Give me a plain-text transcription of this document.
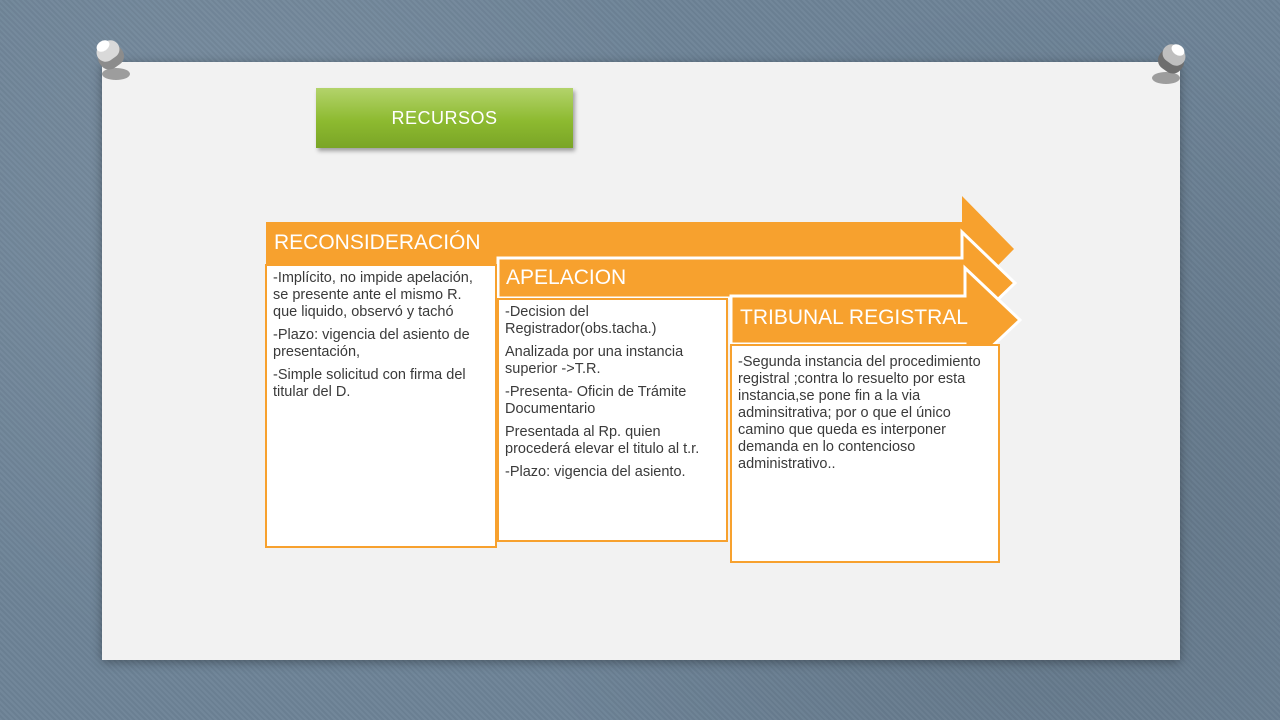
RECURSOS
RECONSIDERACIÓN
APELACION
TRIBUNAL REGISTRAL

-Implícito, no impide apelación, se presente ante el mismo R. que liquido, observó y tachó

-Plazo: vigencia del asiento de presentación,

-Simple solicitud con firma del titular del D.

-Decision del Registrador(obs.tacha.)

Analizada por una instancia superior ->T.R.

-Presenta- Oficin de Trámite Documentario

Presentada al Rp. quien procederá elevar el titulo al t.r.

-Plazo: vigencia del asiento.

-Segunda instancia del procedimiento registral ;contra lo resuelto por esta instancia,se pone fin a la via adminsitrativa; por o que el único camino que queda es interponer demanda en lo contencioso administrativo..
